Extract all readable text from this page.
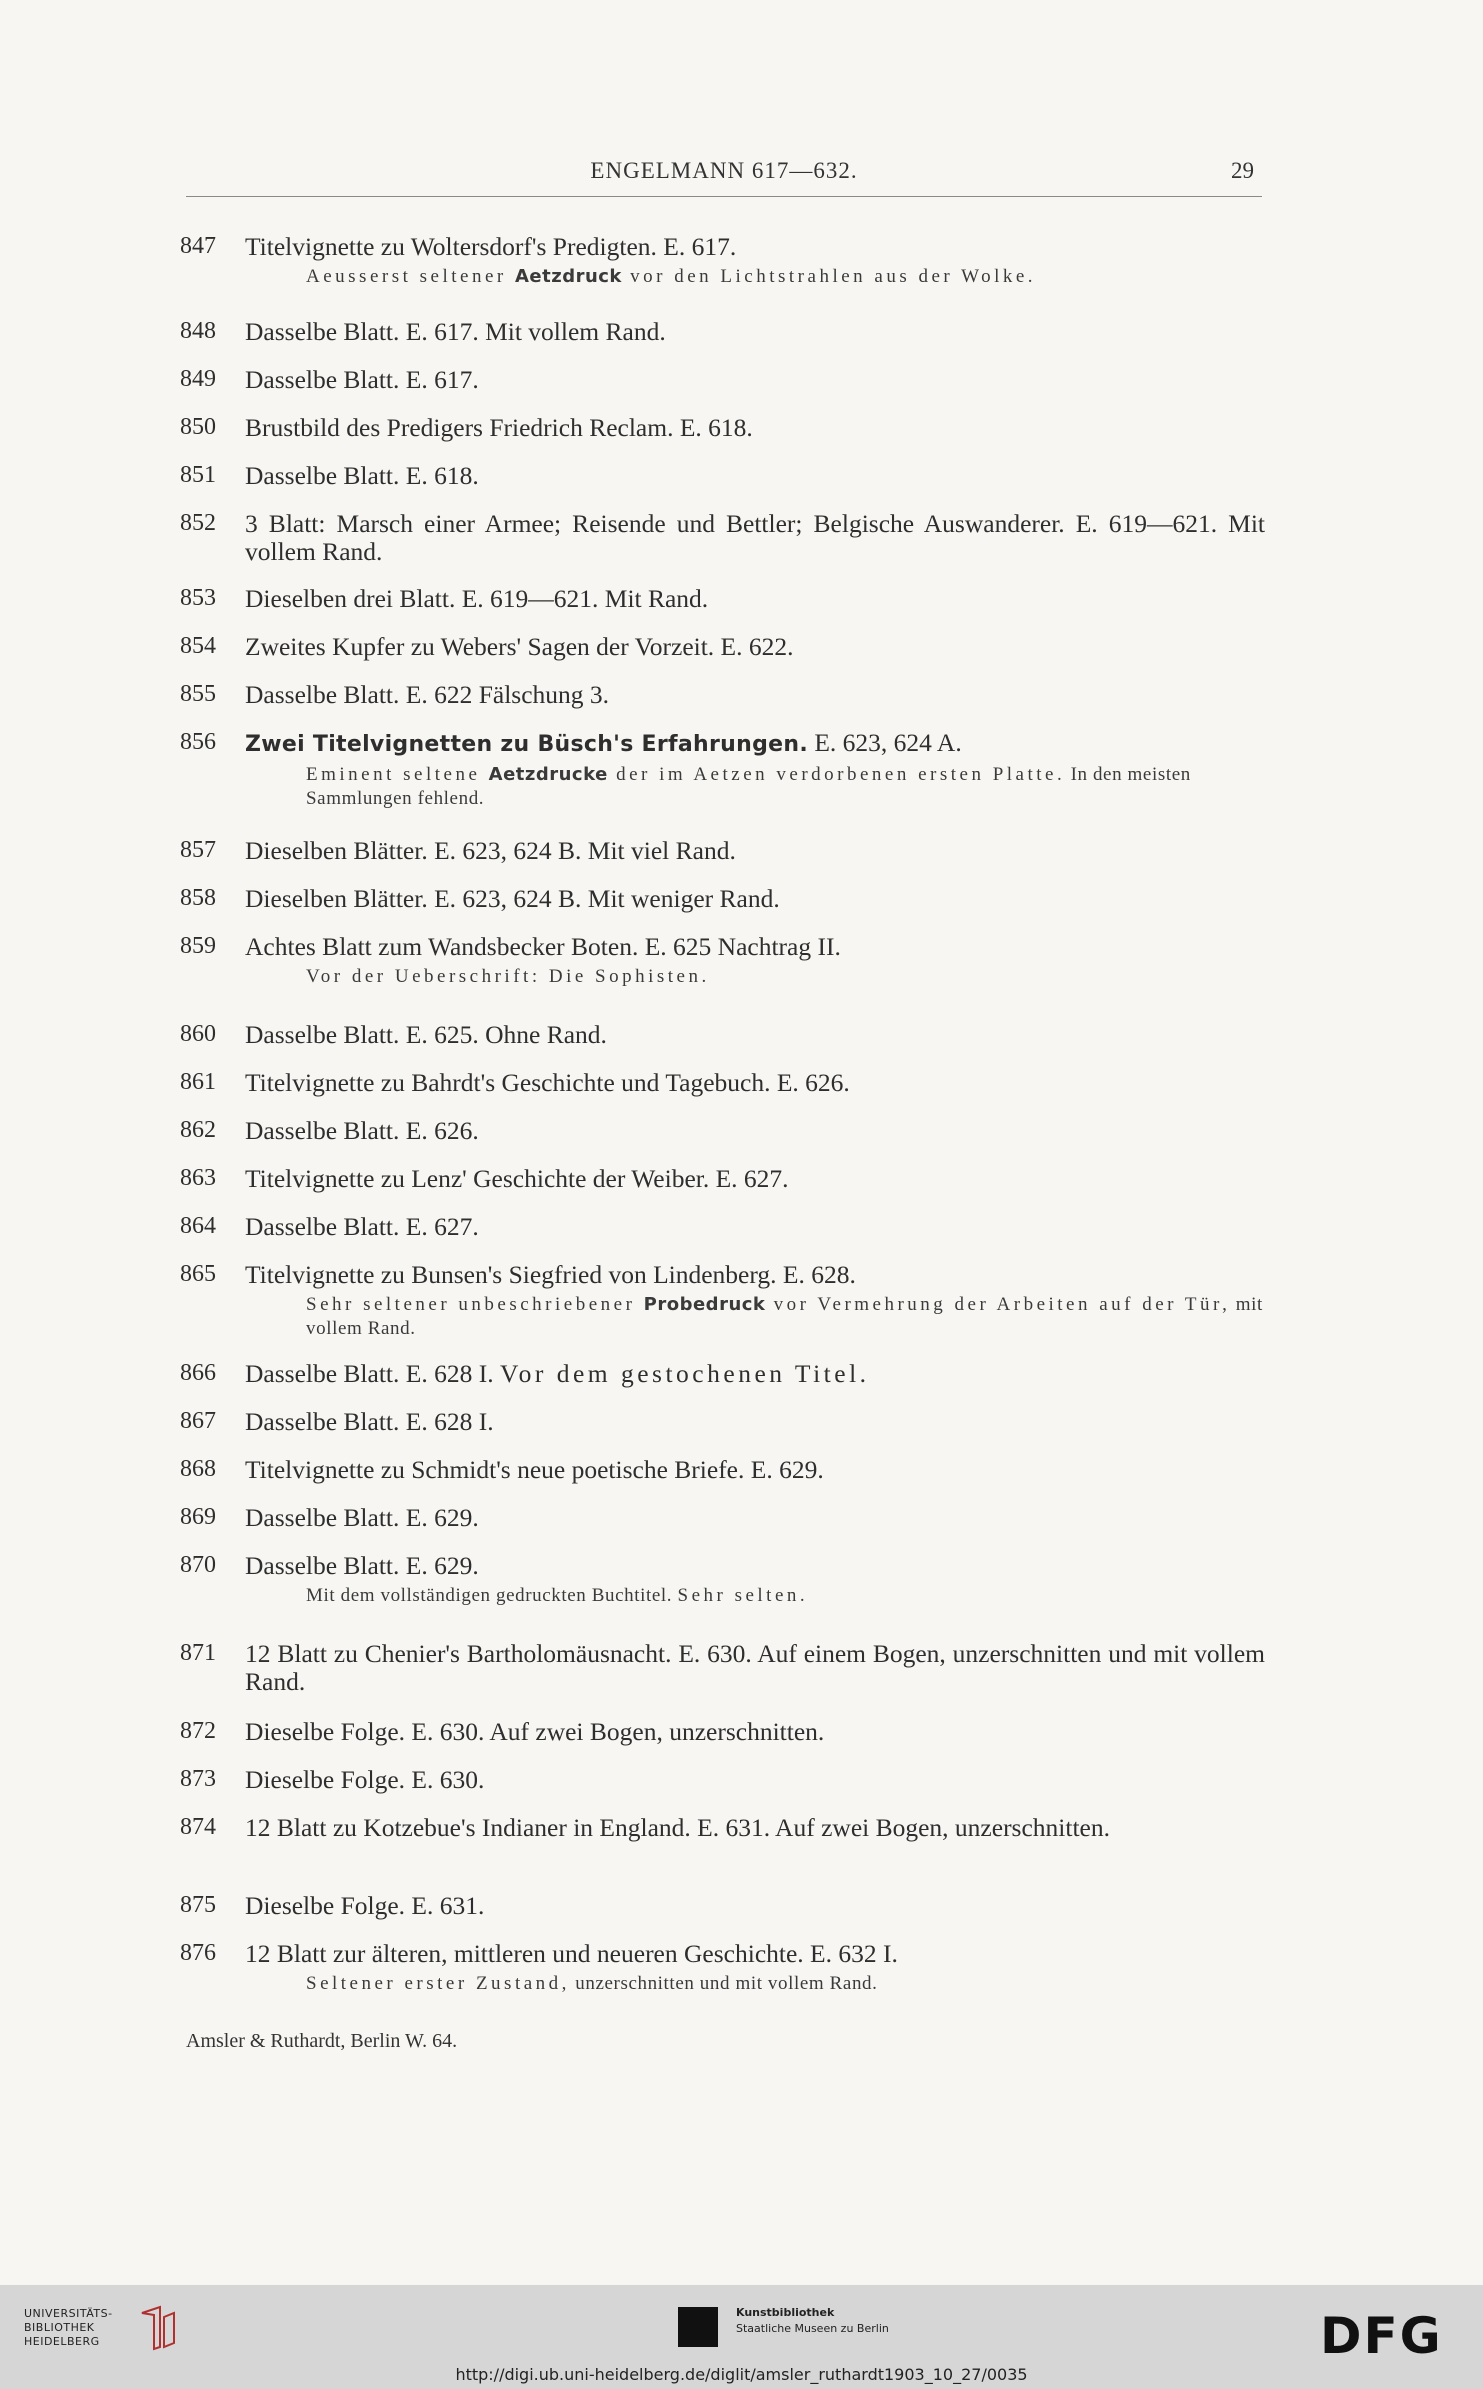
ENGELMANN 617—632.	29
847	Titelvignette zu Woltersdorf's Predigten. E. 617.
Aeusserst seltener Aetzdruck vor den Lichtstrahlen aus der Wolke.
848	Dasselbe Blatt. E. 617. Mit vollem Rand.
849	Dasselbe Blatt. E. 617.
850	Brustbild des Predigers Friedrich Reclam. E. 618.
851	Dasselbe Blatt. E. 618.
852	3 Blatt: Marsch einer Armee; Reisende und Bettler; Belgische Auswanderer. E. 619—621. Mit vollem Rand.
853	Dieselben drei Blatt. E. 619—621. Mit Rand.
854	Zweites Kupfer zu Webers' Sagen der Vorzeit. E. 622.
855	Dasselbe Blatt. E. 622 Fälschung 3.
856	Zwei Titelvignetten zu Büsch's Erfahrungen. E. 623, 624 A.
Eminent seltene Aetzdrucke der im Aetzen verdorbenen ersten Platte. In den meisten Sammlungen fehlend.
857	Dieselben Blätter. E. 623, 624 B. Mit viel Rand.
858	Dieselben Blätter. E. 623, 624 B. Mit weniger Rand.
859	Achtes Blatt zum Wandsbecker Boten. E. 625 Nachtrag II.
Vor der Ueberschrift: Die Sophisten.
860	Dasselbe Blatt. E. 625. Ohne Rand.
861	Titelvignette zu Bahrdt's Geschichte und Tagebuch. E. 626.
862	Dasselbe Blatt. E. 626.
863	Titelvignette zu Lenz' Geschichte der Weiber. E. 627.
864	Dasselbe Blatt. E. 627.
865	Titelvignette zu Bunsen's Siegfried von Lindenberg. E. 628.
Sehr seltener unbeschriebener Probedruck vor Vermehrung der Arbeiten auf der Tür, mit vollem Rand.
866	Dasselbe Blatt. E. 628 I. Vor dem gestochenen Titel.
867	Dasselbe Blatt. E. 628 I.
868	Titelvignette zu Schmidt's neue poetische Briefe. E. 629.
869	Dasselbe Blatt. E. 629.
870	Dasselbe Blatt. E. 629.
Mit dem vollständigen gedruckten Buchtitel. Sehr selten.
871	12 Blatt zu Chenier's Bartholomäusnacht. E. 630. Auf einem Bogen, unzerschnitten und mit vollem Rand.
872	Dieselbe Folge. E. 630. Auf zwei Bogen, unzerschnitten.
873	Dieselbe Folge. E. 630.
874	12 Blatt zu Kotzebue's Indianer in England. E. 631. Auf zwei Bogen, unzerschnitten.
875	Dieselbe Folge. E. 631.
876	12 Blatt zur älteren, mittleren und neueren Geschichte. E. 632 I.
Seltener erster Zustand, unzerschnitten und mit vollem Rand.
Amsler & Ruthardt, Berlin W. 64.
UNIVERSITÄTS-
BIBLIOTHEK
HEIDELBERG
Kunstbibliothek
Staatliche Museen zu Berlin	DFG
http://digi.ub.uni-heidelberg.de/diglit/amsler_ruthardt1903_10_27/0035
